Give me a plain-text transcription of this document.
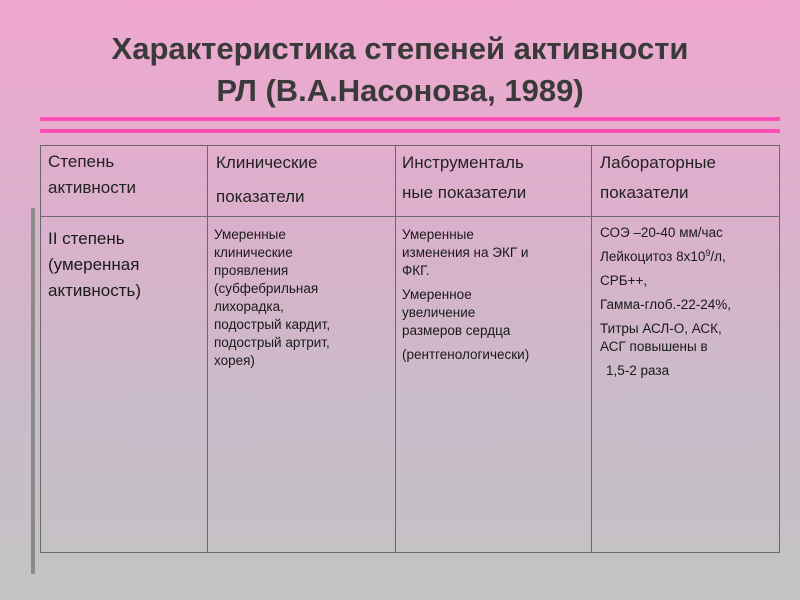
Характеристика степеней активности
РЛ (В.А.Насонова, 1989)
Степень
активности
Клинические
показатели
Инструменталь
ные показатели
Лабораторные
показатели
II степень
(умеренная
активность)
Умеренные
клинические
проявления
(субфебрильная
лихорадка,
подострый кардит,
подострый артрит,
хорея)
Умеренные
изменения на ЭКГ и
ФКГ.
Умеренное
увеличение
размеров сердца
(рентгенологически)
СОЭ –20-40 мм/час
Лейкоцитоз $8х10^9/л$,
СРБ++,
Гамма-глоб.-22-24%,
Титры АСЛ-О, АСК,
АСГ повышены в
1,5-2 раза
